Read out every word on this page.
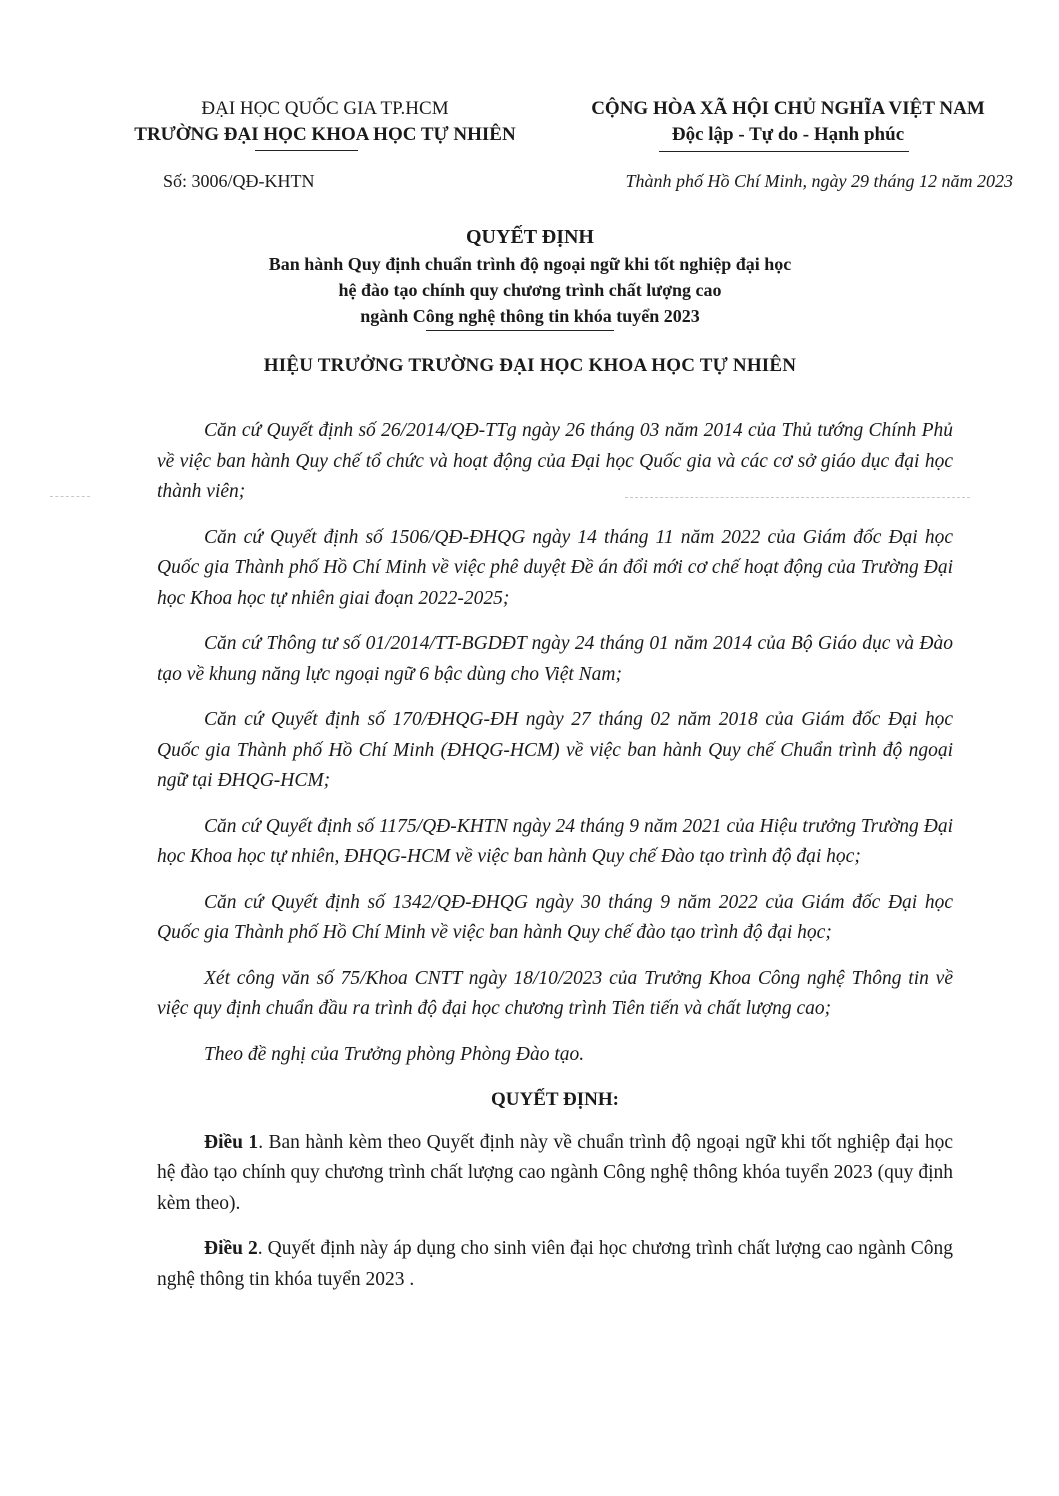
ĐẠI HỌC QUỐC GIA TP.HCM
TRƯỜNG ĐẠI HỌC KHOA HỌC TỰ NHIÊN
CỘNG HÒA XÃ HỘI CHỦ NGHĨA VIỆT NAM
Độc lập - Tự do - Hạnh phúc
Số: 3006/QĐ-KHTN	Thành phố Hồ Chí Minh, ngày 29 tháng 12 năm 2023
QUYẾT ĐỊNH
Ban hành Quy định chuẩn trình độ ngoại ngữ khi tốt nghiệp đại học
hệ đào tạo chính quy chương trình chất lượng cao
ngành Công nghệ thông tin khóa tuyển 2023
HIỆU TRƯỞNG TRƯỜNG ĐẠI HỌC KHOA HỌC TỰ NHIÊN

Căn cứ Quyết định số 26/2014/QĐ-TTg ngày 26 tháng 03 năm 2014 của Thủ tướng Chính Phủ về việc ban hành Quy chế tổ chức và hoạt động của Đại học Quốc gia và các cơ sở giáo dục đại học thành viên;

Căn cứ Quyết định số 1506/QĐ-ĐHQG ngày 14 tháng 11 năm 2022 của Giám đốc Đại học Quốc gia Thành phố Hồ Chí Minh về việc phê duyệt Đề án đổi mới cơ chế hoạt động của Trường Đại học Khoa học tự nhiên giai đoạn 2022-2025;

Căn cứ Thông tư số 01/2014/TT-BGDĐT ngày 24 tháng 01 năm 2014 của Bộ Giáo dục và Đào tạo về khung năng lực ngoại ngữ 6 bậc dùng cho Việt Nam;

Căn cứ Quyết định số 170/ĐHQG-ĐH ngày 27 tháng 02 năm 2018 của Giám đốc Đại học Quốc gia Thành phố Hồ Chí Minh (ĐHQG-HCM) về việc ban hành Quy chế Chuẩn trình độ ngoại ngữ tại ĐHQG-HCM;

Căn cứ Quyết định số 1175/QĐ-KHTN ngày 24 tháng 9 năm 2021 của Hiệu trưởng Trường Đại học Khoa học tự nhiên, ĐHQG-HCM về việc ban hành Quy chế Đào tạo trình độ đại học;

Căn cứ Quyết định số 1342/QĐ-ĐHQG ngày 30 tháng 9 năm 2022 của Giám đốc Đại học Quốc gia Thành phố Hồ Chí Minh về việc ban hành Quy chế đào tạo trình độ đại học;

Xét công văn số 75/Khoa CNTT ngày 18/10/2023 của Trưởng Khoa Công nghệ Thông tin về việc quy định chuẩn đầu ra trình độ đại học chương trình Tiên tiến và chất lượng cao;

Theo đề nghị của Trưởng phòng Phòng Đào tạo.

QUYẾT ĐỊNH:

Điều 1. Ban hành kèm theo Quyết định này về chuẩn trình độ ngoại ngữ khi tốt nghiệp đại học hệ đào tạo chính quy chương trình chất lượng cao ngành Công nghệ thông khóa tuyển 2023 (quy định kèm theo).

Điều 2. Quyết định này áp dụng cho sinh viên đại học chương trình chất lượng cao ngành Công nghệ thông tin khóa tuyển 2023 .
